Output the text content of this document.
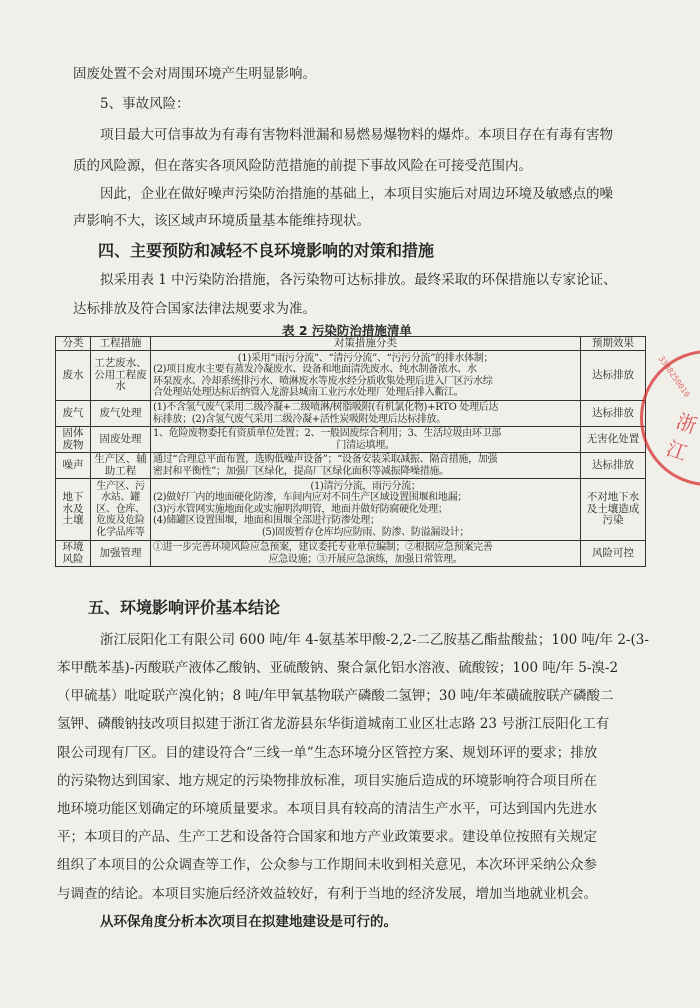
固废处置不会对周围环境产生明显影响。
5、事故风险：
项目最大可信事故为有毒有害物料泄漏和易燃易爆物料的爆炸。本项目存在有毒有害物
质的风险源，但在落实各项风险防范措施的前提下事故风险在可接受范围内。
因此，企业在做好噪声污染防治措施的基础上，本项目实施后对周边环境及敏感点的噪
声影响不大，该区域声环境质量基本能维持现状。
四、主要预防和减轻不良环境影响的对策和措施
拟采用表 1 中污染防治措施，各污染物可达标排放。最终采取的环保措施以专家论证、
达标排放及符合国家法律法规要求为准。
表 2 污染防治措施清单
分类	工程措施	对策措施分类	预期效果
废水	工艺废水、公用工程废水	(1)采用“雨污分流”、“清污分流”、“污污分流”的排水体制；
(2)项目废水主要有蒸发冷凝废水、设备和地面清洗废水、纯水制备浓水、水
环泵废水、冷却系统排污水、喷淋废水等废水经分质收集处理后进入厂区污水综
合处理站处理达标后纳管入龙游县城南工业污水处理厂处理后排入衢江。	达标排放
废气	废气处理	(1)不含氢气废气采用二级冷凝+二级喷淋/树脂吸附(有机氯化物)+RTO 处理后达
标排放；(2)含氢气废气采用二级冷凝+活性炭吸附处理后达标排放。	达标排放
固体废物	固废处理	1、危险废物委托有资质单位处置；2、一般固废综合利用；3、生活垃圾由环卫部
门清运填埋。	无害化处置
噪声	生产区、辅助工程	通过“合理总平面布置，选购低噪声设备”；“设备安装采取减振、隔音措施，加强
密封和平衡性”；加强厂区绿化，提高厂区绿化面积等减振降噪措施。	达标排放
地下水及土壤	生产区、污水站、罐区、仓库、危废及危险化学品库等	(1)清污分流，雨污分流；
(2)做好厂内的地面硬化防渗，车间内应对不同生产区域设置围堰和地漏；
(3)污水管网实施地面化或实施明沟明管，地面并做好防腐硬化处理；
(4)储罐区设置围堰，地面和围堰全部进行防渗处理；
(5)固废暂存仓库均应防雨、防渗、防溢漏设计；	不对地下水及土壤造成污染
环境风险	加强管理	①进一步完善环境风险应急预案，建议委托专业单位编制；②根据应急预案完善
应急设施；③开展应急演练，加强日常管理。	风险可控
五、环境影响评价基本结论
浙江辰阳化工有限公司 600 吨/年 4-氨基苯甲酸-2,2-二乙胺基乙酯盐酸盐；100 吨/年 2-(3-
苯甲酰苯基)-丙酸联产液体乙酸钠、亚硫酸钠、聚合氯化铝水溶液、硫酸铵；100 吨/年 5-溴-2
（甲硫基）吡啶联产溴化钠；8 吨/年甲氧基物联产磷酸二氢钾；30 吨/年苯磺硫胺联产磷酸二
氢钾、磷酸钠技改项目拟建于浙江省龙游县东华街道城南工业区壮志路 23 号浙江辰阳化工有
限公司现有厂区。目的建设符合“三线一单”生态环境分区管控方案、规划环评的要求；排放
的污染物达到国家、地方规定的污染物排放标准，项目实施后造成的环境影响符合项目所在
地环境功能区划确定的环境质量要求。本项目具有较高的清洁生产水平，可达到国内先进水
平；本项目的产品、生产工艺和设备符合国家和地方产业政策要求。建设单位按照有关规定
组织了本项目的公众调查等工作，公众参与工作期间未收到相关意见，本次环评采纳公众参
与调查的结论。本项目实施后经济效益较好，有利于当地的经济发展，增加当地就业机会。
从环保角度分析本次项目在拟建地建设是可行的。
3308250010
浙江
